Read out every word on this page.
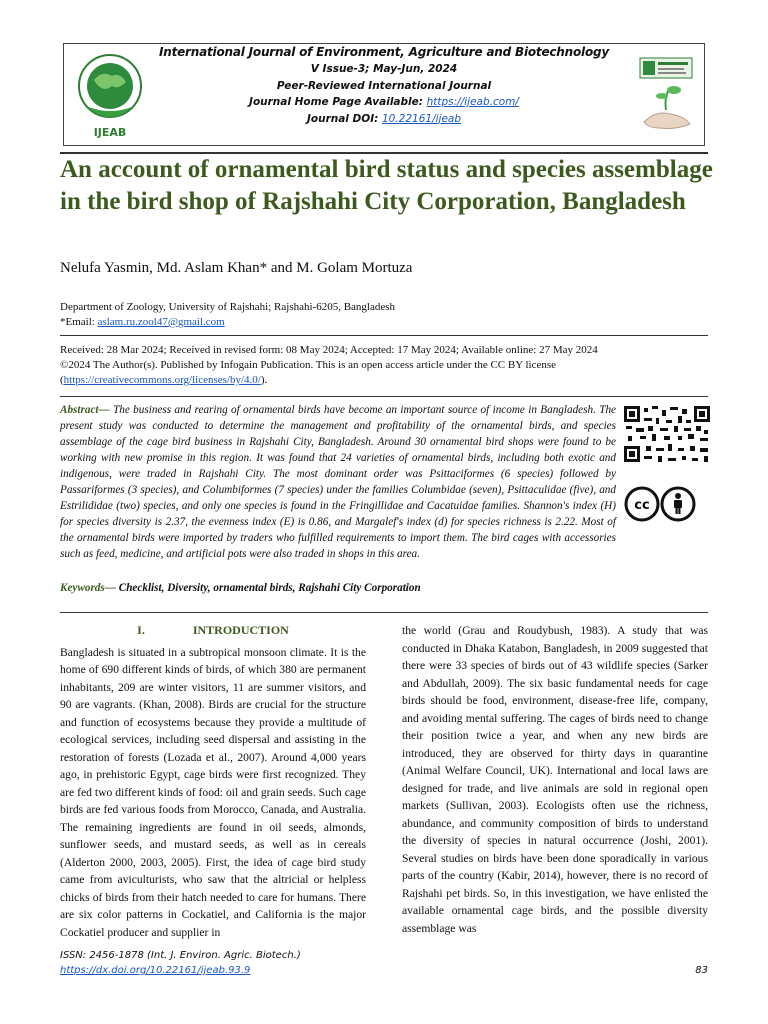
IJEAB
International Journal of Environment, Agriculture and Biotechnology
V Issue-3; May-Jun, 2024
Peer-Reviewed International Journal
Journal Home Page Available: https://ijeab.com/
Journal DOI: 10.22161/ijeab
An account of ornamental bird status and species assemblage in the bird shop of Rajshahi City Corporation, Bangladesh
Nelufa Yasmin, Md. Aslam Khan* and M. Golam Mortuza
Department of Zoology, University of Rajshahi; Rajshahi-6205, Bangladesh
*Email: aslam.ru.zool47@gmail.com
Received: 28 Mar 2024; Received in revised form: 08 May 2024; Accepted: 17 May 2024; Available online: 27 May 2024
©2024 The Author(s). Published by Infogain Publication. This is an open access article under the CC BY license
(https://creativecommons.org/licenses/by/4.0/).
Abstract— The business and rearing of ornamental birds have become an important source of income in Bangladesh. The present study was conducted to determine the management and profitability of the ornamental birds, and species assemblage of the cage bird business in Rajshahi City, Bangladesh. Around 30 ornamental bird shops were found to be working with new promise in this region. It was found that 24 varieties of ornamental birds, including both exotic and indigenous, were traded in Rajshahi City. The most dominant order was Psittaciformes (6 species) followed by Passariformes (3 species), and Columbiformes (7 species) under the families Columbidae (seven), Psittaculidae (five), and Estrilididae (two) species, and only one species is found in the Fringillidae and Cacatuidae families. Shannon's index (H) for species diversity is 2.37, the evenness index (E) is 0.86, and Margalef's index (d) for species richness is 2.22. Most of the ornamental birds were imported by traders who fulfilled requirements to import them. The bird cages with accessories such as feed, medicine, and artificial pots were also traded in shops in this area.
cc
Keywords— Checklist, Diversity, ornamental birds, Rajshahi City Corporation
I.	INTRODUCTION

Bangladesh is situated in a subtropical monsoon climate. It is the home of 690 different kinds of birds, of which 380 are permanent inhabitants, 209 are winter visitors, 11 are summer visitors, and 90 are vagrants. (Khan, 2008). Birds are crucial for the structure and function of ecosystems because they provide a multitude of ecological services, including seed dispersal and assisting in the restoration of forests (Lozada et al., 2007). Around 4,000 years ago, in prehistoric Egypt, cage birds were first recognized. They are fed two different kinds of food: oil and grain seeds. Such cage birds are fed various foods from Morocco, Canada, and Australia. The remaining ingredients are found in oil seeds, almonds, sunflower seeds, and mustard seeds, as well as in cereals (Alderton 2000, 2003, 2005). First, the idea of cage bird study came from aviculturists, who saw that the altricial or helpless chicks of birds from their hatch needed to care for humans. There are six color patterns in Cockatiel, and California is the major Cockatiel producer and supplier in

the world (Grau and Roudybush, 1983). A study that was conducted in Dhaka Katabon, Bangladesh, in 2009 suggested that there were 33 species of birds out of 43 wildlife species (Sarker and Abdullah, 2009). The six basic fundamental needs for cage birds should be food, environment, disease-free life, company, and avoiding mental suffering. The cages of birds need to change their position twice a year, and when any new birds are introduced, they are observed for thirty days in quarantine (Animal Welfare Council, UK). International and local laws are designed for trade, and live animals are sold in regional open markets (Sullivan, 2003). Ecologists often use the richness, abundance, and community composition of birds to understand the diversity of species in natural occurrence (Joshi, 2001). Several studies on birds have been done sporadically in various parts of the country (Kabir, 2014), however, there is no record of Rajshahi pet birds. So, in this investigation, we have enlisted the available ornamental cage birds, and the possible diversity assemblage was

ISSN: 2456-1878 (Int. J. Environ. Agric. Biotech.)
https://dx.doi.org/10.22161/ijeab.93.9	83
